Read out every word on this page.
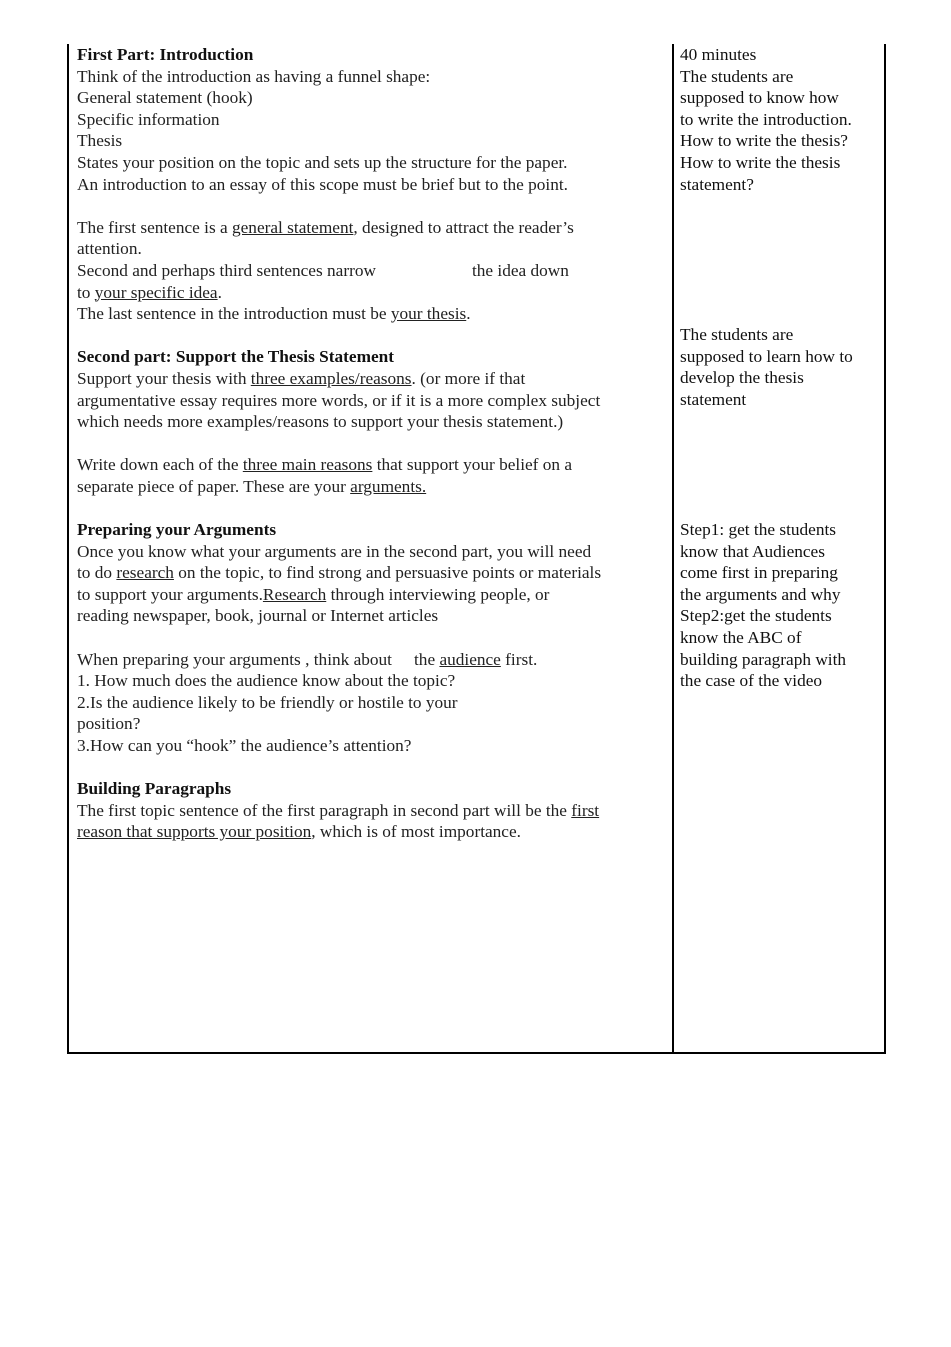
First Part: Introduction
Think of the introduction as having a funnel shape:
General statement (hook)
Specific information
Thesis
States your position on the topic and sets up the structure for the paper.
An introduction to an essay of this scope must be brief but to the point.
The first sentence is a general statement, designed to attract the reader’s
attention.
Second and perhaps third sentences narrow	the idea down
to your specific idea.
The last sentence in the introduction must be your thesis.
Second part: Support the Thesis Statement
Support your thesis with three examples/reasons. (or more if that
argumentative essay requires more words, or if it is a more complex subject
which needs more examples/reasons to support your thesis statement.)
Write down each of the three main reasons that support your belief on a
separate piece of paper. These are your arguments.
Preparing your Arguments
Once you know what your arguments are in the second part, you will need
to do research on the topic, to find strong and persuasive points or materials
to support your arguments.Research through interviewing people, or
reading newspaper, book, journal or Internet articles
When preparing your arguments , think about the audience first.
1. How much does the audience know about the topic?
2.Is the audience likely to be friendly or hostile to your
position?
3.How can you “hook” the audience’s attention?
Building Paragraphs
The first topic sentence of the first paragraph in second part will be the first
reason that supports your position, which is of most importance.
40 minutes
The students are
supposed to know how
to write the introduction.
How to write the thesis?
How to write the thesis
statement?
The students are
supposed to learn how to
develop the thesis
statement
Step1: get the students
know that Audiences
come first in preparing
the arguments and why
Step2:get the students
know the ABC of
building paragraph with
the case of the video
